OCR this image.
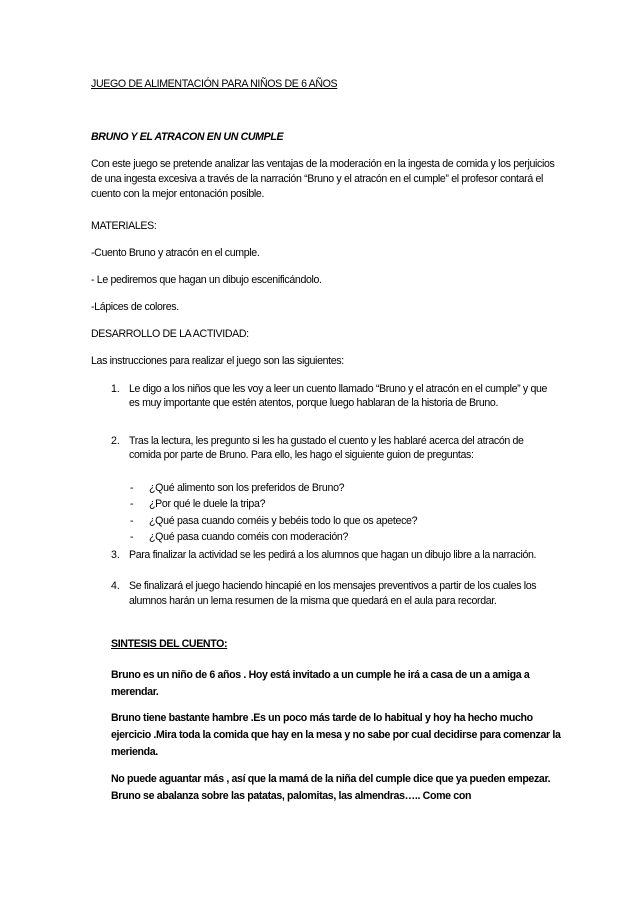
JUEGO DE ALIMENTACIÓN PARA NIÑOS DE 6 AÑOS
BRUNO Y EL ATRACON EN UN CUMPLE
Con este juego se pretende analizar las ventajas de la moderación en la ingesta de comida y los perjuicios de una ingesta excesiva a través de la narración “Bruno y el atracón en el cumple” el profesor contará el cuento con la mejor entonación posible.
MATERIALES:
-Cuento Bruno y atracón en el cumple.
- Le pediremos que hagan un dibujo escenificándolo.
-Lápices de colores.
DESARROLLO DE LA ACTIVIDAD:
Las instrucciones para realizar el juego son las siguientes:
1. Le digo a los niños que les voy a leer un cuento llamado “Bruno y el atracón en el cumple” y que es muy importante que estén atentos, porque luego hablaran de la historia de Bruno.
2. Tras la lectura, les pregunto si les ha gustado el cuento y les hablaré acerca del atracón de comida por parte de Bruno. Para ello, les hago el siguiente guion de preguntas:
- ¿Qué alimento son los preferidos de Bruno?
- ¿Por qué le duele la tripa?
- ¿Qué pasa cuando coméis y bebéis todo lo que os apetece?
- ¿Qué pasa cuando coméis con moderación?
3. Para finalizar la actividad se les pedirá a los alumnos que hagan un dibujo libre a la narración.
4. Se finalizará el juego haciendo hincapié en los mensajes preventivos a partir de los cuales los alumnos harán un lema resumen de la misma que quedará en el aula para recordar.
SINTESIS DEL CUENTO:
Bruno es un niño de 6 años . Hoy está invitado a un cumple he irá a casa de un a amiga a merendar.
Bruno tiene bastante hambre .Es un poco más tarde de lo habitual y hoy ha hecho mucho ejercicio .Mira toda la comida que hay en la mesa y no sabe por cual decidirse para comenzar la merienda.
No puede aguantar más , así que la mamá de la niña del cumple dice que ya pueden empezar. Bruno se abalanza sobre las patatas, palomitas, las almendras….. Come con
